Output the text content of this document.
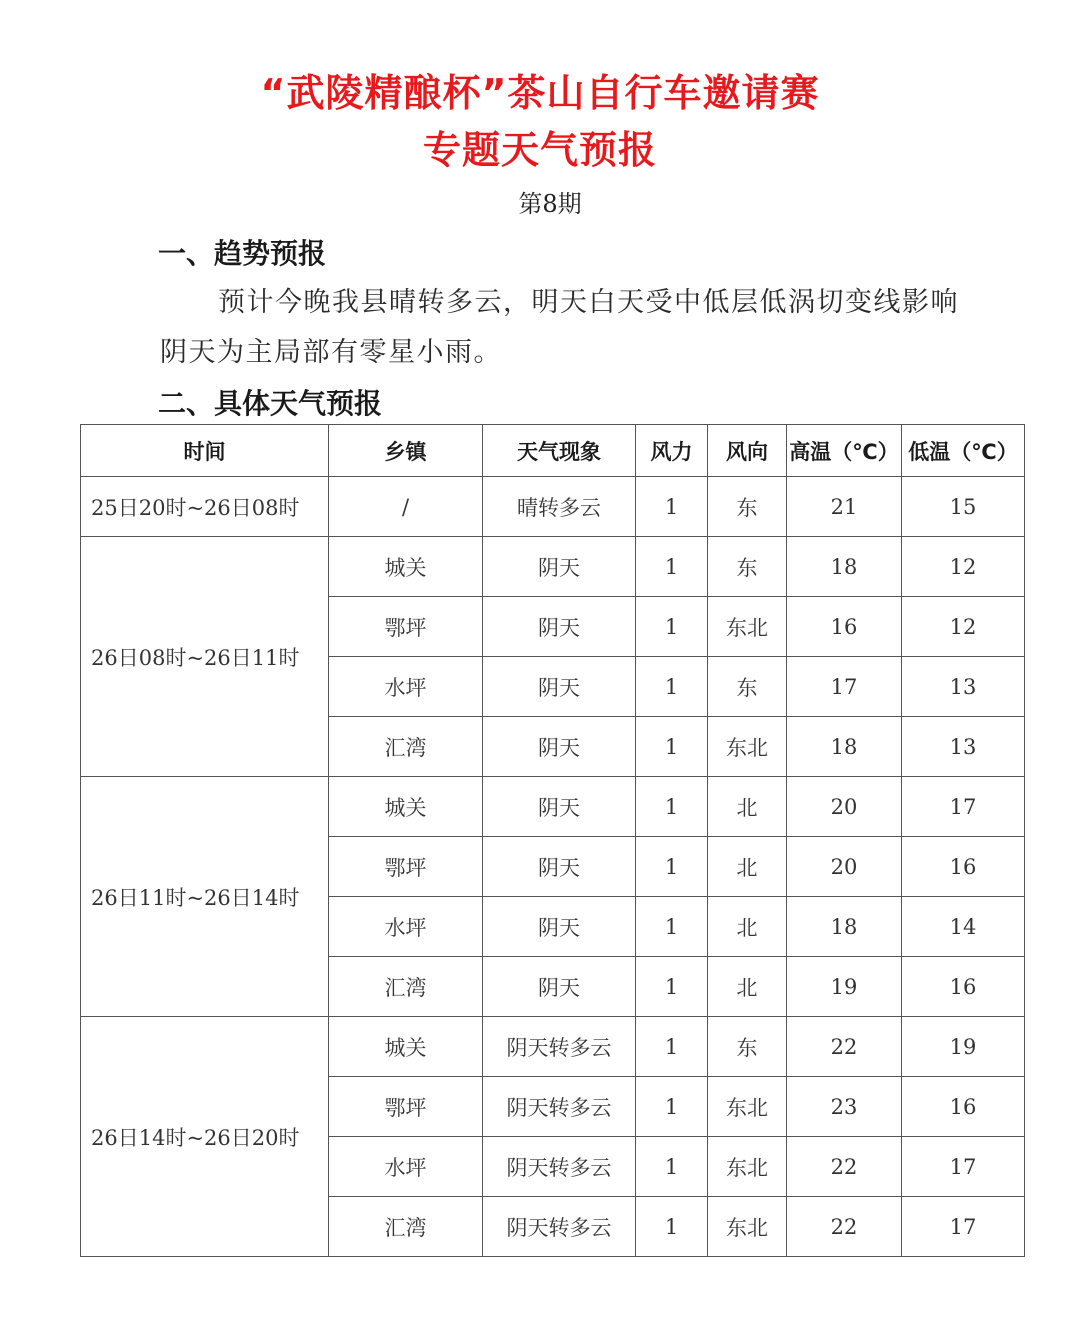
“武陵精酿杯”茶山自行车邀请赛
专题天气预报
第8期
一、趋势预报
预计今晚我县晴转多云，明天白天受中低层低涡切变线影响阴天为主局部有零星小雨。
二、具体天气预报
时间	乡镇	天气现象	风力	风向	高温（℃）	低温（℃）
25日20时~26日08时	/	晴转多云	1	东	21	15
26日08时~26日11时	城关	阴天	1	东	18	12
	鄂坪	阴天	1	东北	16	12
	水坪	阴天	1	东	17	13
	汇湾	阴天	1	东北	18	13
26日11时~26日14时	城关	阴天	1	北	20	17
	鄂坪	阴天	1	北	20	16
	水坪	阴天	1	北	18	14
	汇湾	阴天	1	北	19	16
26日14时~26日20时	城关	阴天转多云	1	东	22	19
	鄂坪	阴天转多云	1	东北	23	16
	水坪	阴天转多云	1	东北	22	17
	汇湾	阴天转多云	1	东北	22	17
